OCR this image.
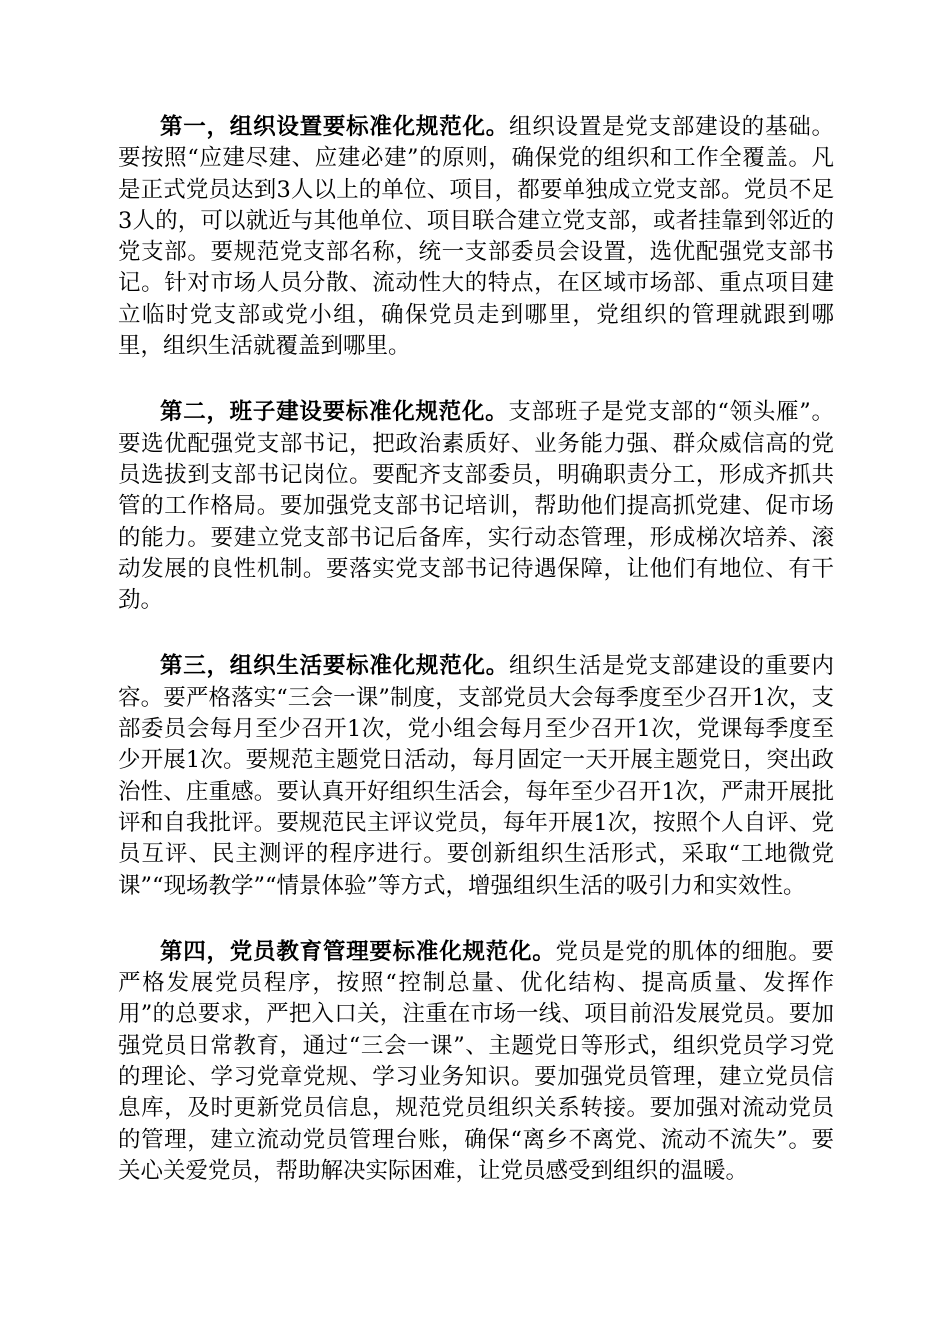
第一，组织设置要标准化规范化。组织设置是党支部建设的基础。要按照“应建尽建、应建必建”的原则，确保党的组织和工作全覆盖。凡是正式党员达到3人以上的单位、项目，都要单独成立党支部。党员不足3人的，可以就近与其他单位、项目联合建立党支部，或者挂靠到邻近的党支部。要规范党支部名称，统一支部委员会设置，选优配强党支部书记。针对市场人员分散、流动性大的特点，在区域市场部、重点项目建立临时党支部或党小组，确保党员走到哪里，党组织的管理就跟到哪里，组织生活就覆盖到哪里。

第二，班子建设要标准化规范化。支部班子是党支部的“领头雁”。要选优配强党支部书记，把政治素质好、业务能力强、群众威信高的党员选拔到支部书记岗位。要配齐支部委员，明确职责分工，形成齐抓共管的工作格局。要加强党支部书记培训，帮助他们提高抓党建、促市场的能力。要建立党支部书记后备库，实行动态管理，形成梯次培养、滚动发展的良性机制。要落实党支部书记待遇保障，让他们有地位、有干劲。

第三，组织生活要标准化规范化。组织生活是党支部建设的重要内容。要严格落实“三会一课”制度，支部党员大会每季度至少召开1次，支部委员会每月至少召开1次，党小组会每月至少召开1次，党课每季度至少开展1次。要规范主题党日活动，每月固定一天开展主题党日，突出政治性、庄重感。要认真开好组织生活会，每年至少召开1次，严肃开展批评和自我批评。要规范民主评议党员，每年开展1次，按照个人自评、党员互评、民主测评的程序进行。要创新组织生活形式，采取“工地微党课”“现场教学”“情景体验”等方式，增强组织生活的吸引力和实效性。

第四，党员教育管理要标准化规范化。党员是党的肌体的细胞。要严格发展党员程序，按照“控制总量、优化结构、提高质量、发挥作用”的总要求，严把入口关，注重在市场一线、项目前沿发展党员。要加强党员日常教育，通过“三会一课”、主题党日等形式，组织党员学习党的理论、学习党章党规、学习业务知识。要加强党员管理，建立党员信息库，及时更新党员信息，规范党员组织关系转接。要加强对流动党员的管理，建立流动党员管理台账，确保“离乡不离党、流动不流失”。要关心关爱党员，帮助解决实际困难，让党员感受到组织的温暖。
